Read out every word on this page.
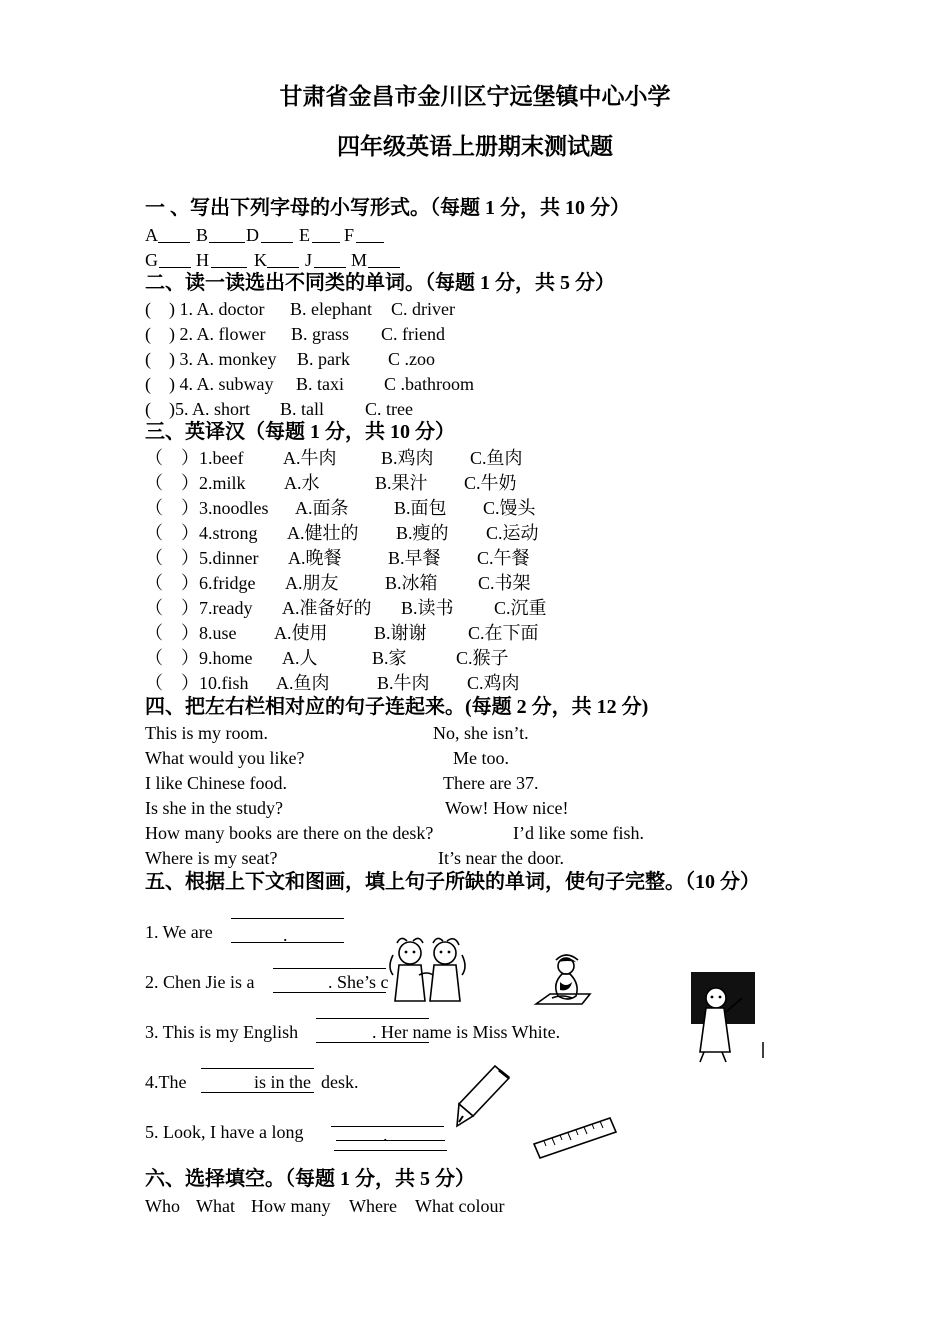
甘肃省金昌市金川区宁远堡镇中心小学
四年级英语上册期末测试题
一 、写出下列字母的小写形式。（每题 1 分，共 10 分）
A B D E F
G H	K J M
二、读一读选出不同类的单词。（每题 1 分，共 5 分）
(    ) 1. A. doctor B. elephant C. driver
(    ) 2. A. flower B. grass C. friend
(    ) 3. A. monkey B. park C .zoo
(    ) 4. A. subway B. taxi C .bathroom
(    )5. A. short B. tall C. tree
三、英译汉（每题 1 分，共 10 分）
（    ）1.beef A.牛肉 B.鸡肉 C.鱼肉
（    ）2.milk A.水	B.果汁 C.牛奶
（    ）3.noodles A.面条	B.面包 C.馒头
（    ）4.strong A.健壮的 B.瘦的 C.运动
（    ）5.dinner A.晚餐	B.早餐 C.午餐
（    ）6.fridge A.朋友	B.冰箱 C.书架
（    ）7.ready A.准备好的 B.读书 C.沉重
（    ）8.use A.使用	B.谢谢 C.在下面
（    ）9.home A.人	B.家	C.猴子
（    ）10.fish A.鱼肉	B.牛肉 C.鸡肉
四、把左右栏相对应的句子连起来。(每题 2 分，共 12 分)
This is my room.	No, she isn’t.
What would you like?	Me too.
I like Chinese food.	There are 37.
Is she in the study?	Wow! How nice!
How many books are there on the desk?	I’d like some fish.
Where is my seat?	It’s near the door.
五、根据上下文和图画，填上句子所缺的单词，使句子完整。（10 分）
1. We are	.
2. Chen Jie is a	. She’s c
3. This is my English	. Her name is Miss White.
4.The	is in the desk.
5. Look, I have a long	.
六、选择填空。（每题 1 分，共 5 分）
Who What How many Where What colour
